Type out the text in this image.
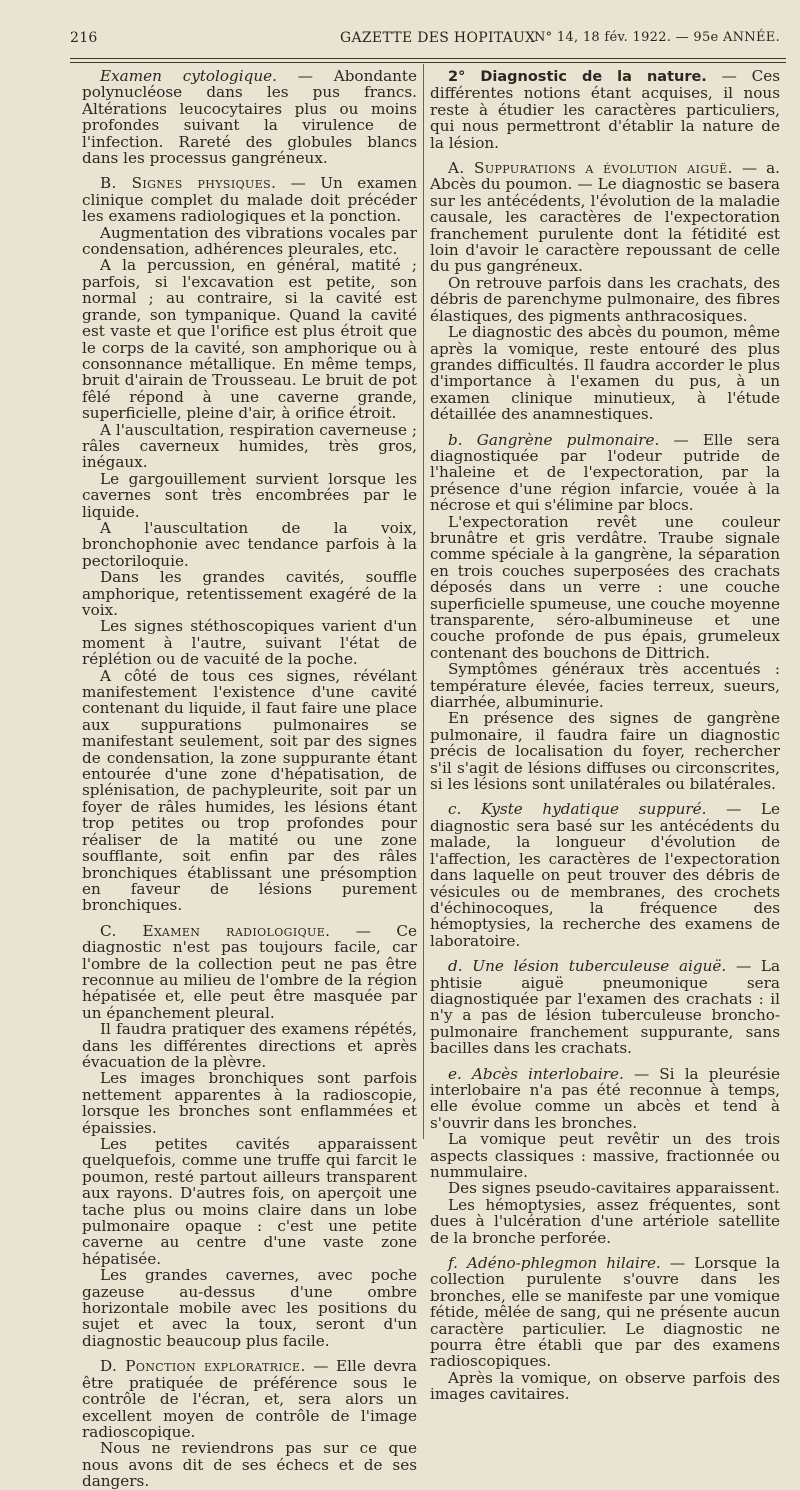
216	GAZETTE DES HOPITAUX
N° 14, 18 fév. 1922. — 95e ANNÉE.

Examen cytologique. — Abondante polynucléose dans les pus francs. Altérations leucocytaires plus ou moins profondes suivant la virulence de l'infection. Rareté des globules blancs dans les processus gangréneux.

B. Signes physiques. — Un examen clinique complet du malade doit précéder les examens radiologiques et la ponction.

Augmentation des vibrations vocales par condensation, adhérences pleurales, etc.

A la percussion, en général, matité ; parfois, si l'excavation est petite, son normal ; au contraire, si la cavité est grande, son tympanique. Quand la cavité est vaste et que l'orifice est plus étroit que le corps de la cavité, son amphorique ou à consonnance métallique. En même temps, bruit d'airain de Trousseau. Le bruit de pot fêlé répond à une caverne grande, superficielle, pleine d'air, à orifice étroit.

A l'auscultation, respiration caverneuse ; râles caverneux humides, très gros, inégaux.

Le gargouillement survient lorsque les cavernes sont très encombrées par le liquide.

A l'auscultation de la voix, bronchophonie avec tendance parfois à la pectoriloquie.

Dans les grandes cavités, souffle amphorique, retentissement exagéré de la voix.

Les signes stéthoscopiques varient d'un moment à l'autre, suivant l'état de réplétion ou de vacuité de la poche.

A côté de tous ces signes, révélant manifestement l'existence d'une cavité contenant du liquide, il faut faire une place aux suppurations pulmonaires se manifestant seulement, soit par des signes de condensation, la zone suppurante étant entourée d'une zone d'hépatisation, de splénisation, de pachypleurite, soit par un foyer de râles humides, les lésions étant trop petites ou trop profondes pour réaliser de la matité ou une zone soufflante, soit enfin par des râles bronchiques établissant une présomption en faveur de lésions purement bronchiques.

C. Examen radiologique. — Ce diagnostic n'est pas toujours facile, car l'ombre de la collection peut ne pas être reconnue au milieu de l'ombre de la région hépatisée et, elle peut être masquée par un épanchement pleural.

Il faudra pratiquer des examens répétés, dans les différentes directions et après évacuation de la plèvre.

Les images bronchiques sont parfois nettement apparentes à la radioscopie, lorsque les bronches sont enflammées et épaissies.

Les petites cavités apparaissent quelquefois, comme une truffe qui farcit le poumon, resté partout ailleurs transparent aux rayons. D'autres fois, on aperçoit une tache plus ou moins claire dans un lobe pulmonaire opaque : c'est une petite caverne au centre d'une vaste zone hépatisée.

Les grandes cavernes, avec poche gazeuse au-dessus d'une ombre horizontale mobile avec les positions du sujet et avec la toux, seront d'un diagnostic beaucoup plus facile.

D. Ponction exploratrice. — Elle devra être pratiquée de préférence sous le contrôle de l'écran, et, sera alors un excellent moyen de contrôle de l'image radioscopique.

Nous ne reviendrons pas sur ce que nous avons dit de ses échecs et de ses dangers.

2° Diagnostic de la nature. — Ces différentes notions étant acquises, il nous reste à étudier les caractères particuliers, qui nous permettront d'établir la nature de la lésion.

A. Suppurations a évolution aiguë. — a. Abcès du poumon. — Le diagnostic se basera sur les antécédents, l'évolution de la maladie causale, les caractères de l'expectoration franchement purulente dont la fétidité est loin d'avoir le caractère repoussant de celle du pus gangréneux.

On retrouve parfois dans les crachats, des débris de parenchyme pulmonaire, des fibres élastiques, des pigments anthracosiques.

Le diagnostic des abcès du poumon, même après la vomique, reste entouré des plus grandes difficultés. Il faudra accorder le plus d'importance à l'examen du pus, à un examen clinique minutieux, à l'étude détaillée des anamnestiques.

b. Gangrène pulmonaire. — Elle sera diagnostiquée par l'odeur putride de l'haleine et de l'expectoration, par la présence d'une région infarcie, vouée à la nécrose et qui s'élimine par blocs.

L'expectoration revêt une couleur brunâtre et gris verdâtre. Traube signale comme spéciale à la gangrène, la séparation en trois couches superposées des crachats déposés dans un verre : une couche superficielle spumeuse, une couche moyenne transparente, séro-albumineuse et une couche profonde de pus épais, grumeleux contenant des bouchons de Dittrich.

Symptômes généraux très accentués : température élevée, facies terreux, sueurs, diarrhée, albuminurie.

En présence des signes de gangrène pulmonaire, il faudra faire un diagnostic précis de localisation du foyer, rechercher s'il s'agit de lésions diffuses ou circonscrites, si les lésions sont unilatérales ou bilatérales.

c. Kyste hydatique suppuré. — Le diagnostic sera basé sur les antécédents du malade, la longueur d'évolution de l'affection, les caractères de l'expectoration dans laquelle on peut trouver des débris de vésicules ou de membranes, des crochets d'échinocoques, la fréquence des hémoptysies, la recherche des examens de laboratoire.

d. Une lésion tuberculeuse aiguë. — La phtisie aiguë pneumonique sera diagnostiquée par l'examen des crachats : il n'y a pas de lésion tuberculeuse broncho-pulmonaire franchement suppurante, sans bacilles dans les crachats.

e. Abcès interlobaire. — Si la pleurésie interlobaire n'a pas été reconnue à temps, elle évolue comme un abcès et tend à s'ouvrir dans les bronches.

La vomique peut revêtir un des trois aspects classiques : massive, fractionnée ou nummulaire.

Des signes pseudo-cavitaires apparaissent.

Les hémoptysies, assez fréquentes, sont dues à l'ulcération d'une artériole satellite de la bronche perforée.

f. Adéno-phlegmon hilaire. — Lorsque la collection purulente s'ouvre dans les bronches, elle se manifeste par une vomique fétide, mêlée de sang, qui ne présente aucun caractère particulier. Le diagnostic ne pourra être établi que par des examens radioscopiques.

Après la vomique, on observe parfois des images cavitaires.
